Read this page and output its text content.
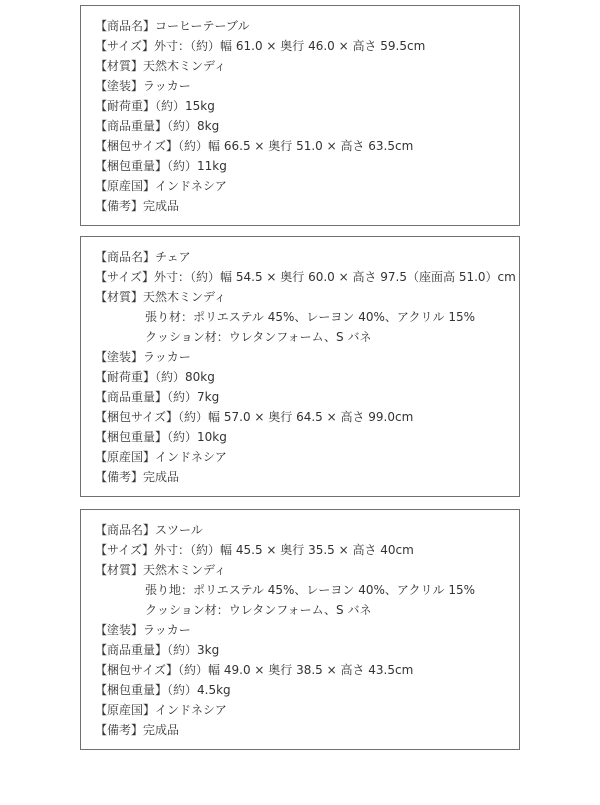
【商品名】コーヒーテーブル
【サイズ】外寸：（約）幅 61.0 × 奥行 46.0 × 高さ 59.5cm
【材質】天然木ミンディ
【塗装】ラッカー
【耐荷重】（約）15kg
【商品重量】（約）8kg
【梱包サイズ】（約）幅 66.5 × 奥行 51.0 × 高さ 63.5cm
【梱包重量】（約）11kg
【原産国】インドネシア
【備考】完成品
【商品名】チェア
【サイズ】外寸：（約）幅 54.5 × 奥行 60.0 × 高さ 97.5（座面高 51.0）cm
【材質】天然木ミンディ
張り材：ポリエステル 45%、レーヨン 40%、アクリル 15%
クッション材：ウレタンフォーム、S バネ
【塗装】ラッカー
【耐荷重】（約）80kg
【商品重量】（約）7kg
【梱包サイズ】（約）幅 57.0 × 奥行 64.5 × 高さ 99.0cm
【梱包重量】（約）10kg
【原産国】インドネシア
【備考】完成品
【商品名】スツール
【サイズ】外寸：（約）幅 45.5 × 奥行 35.5 × 高さ 40cm
【材質】天然木ミンディ
張り地：ポリエステル 45%、レーヨン 40%、アクリル 15%
クッション材：ウレタンフォーム、S バネ
【塗装】ラッカー
【商品重量】（約）3kg
【梱包サイズ】（約）幅 49.0 × 奥行 38.5 × 高さ 43.5cm
【梱包重量】（約）4.5kg
【原産国】インドネシア
【備考】完成品
